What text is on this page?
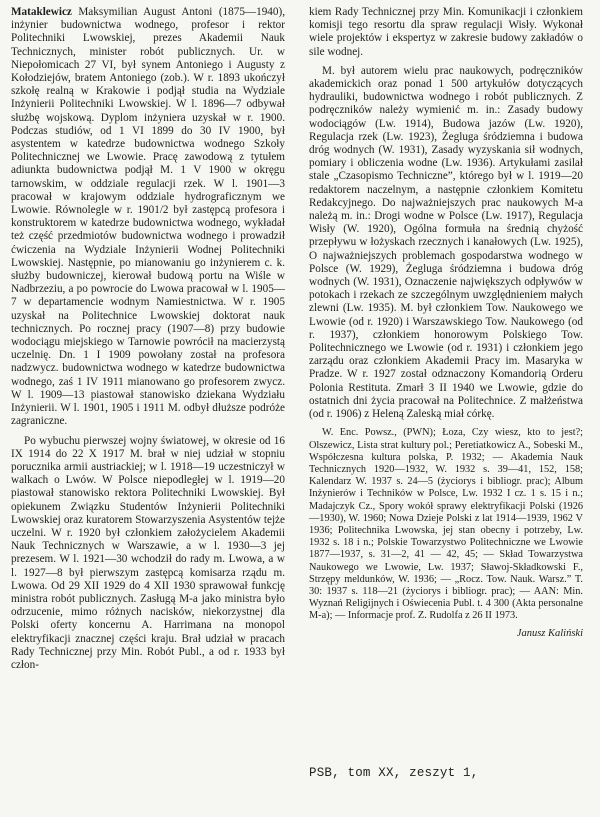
Mataklewicz Maksymilian August Antoni (1875—1940), inżynier budownictwa wodnego, profesor i rektor Politechniki Lwowskiej, prezes Akademii Nauk Technicznych, minister robót publicznych. Ur. w Niepołomicach 27 VI, był synem Antoniego i Augusty z Kołodziejów, bratem Antoniego (zob.). W r. 1893 ukończył szkołę realną w Krakowie i podjął studia na Wydziale Inżynierii Politechniki Lwowskiej. W l. 1896—7 odbywał służbę wojskową. Dyplom inżyniera uzyskał w r. 1900. Podczas studiów, od 1 VI 1899 do 30 IV 1900, był asystentem w katedrze budownictwa wodnego Szkoły Politechnicznej we Lwowie. Pracę zawodową z tytułem adiunkta budownictwa podjął M. 1 V 1900 w okręgu tarnowskim, w oddziale regulacji rzek. W l. 1901—3 pracował w krajowym oddziale hydrograficznym we Lwowie. Równolegle w r. 1901/2 był zastępcą profesora i konstruktorem w katedrze budownictwa wodnego, wykładał też część przedmiotów budownictwa wodnego i prowadził ćwiczenia na Wydziale Inżynierii Wodnej Politechniki Lwowskiej. Następnie, po mianowaniu go inżynierem c. k. służby budowniczej, kierował budową portu na Wiśle w Nadbrzeziu, a po powrocie do Lwowa pracował w l. 1905—7 w departamencie wodnym Namiestnictwa. W r. 1905 uzyskał na Politechnice Lwowskiej doktorat nauk technicznych. Po rocznej pracy (1907—8) przy budowie wodociągu miejskiego w Tarnowie powrócił na macierzystą uczelnię. Dn. 1 I 1909 powołany został na profesora nadzwycz. budownictwa wodnego w katedrze budownictwa wodnego, zaś 1 IV 1911 mianowano go profesorem zwycz. W l. 1909—13 piastował stanowisko dziekana Wydziału Inżynierii. W l. 1901, 1905 i 1911 M. odbył dłuższe podróże zagraniczne.

Po wybuchu pierwszej wojny światowej, w okresie od 16 IX 1914 do 22 X 1917 M. brał w niej udział w stopniu porucznika armii austriackiej; w l. 1918—19 uczestniczył w walkach o Lwów. W Polsce niepodległej w l. 1919—20 piastował stanowisko rektora Politechniki Lwowskiej. Był opiekunem Związku Studentów Inżynierii Politechniki Lwowskiej oraz kuratorem Stowarzyszenia Asystentów tejże uczelni. W r. 1920 był członkiem założycielem Akademii Nauk Technicznych w Warszawie, a w l. 1930—3 jej prezesem. W l. 1921—30 wchodził do rady m. Lwowa, a w l. 1927—8 był pierwszym zastępcą komisarza rządu m. Lwowa. Od 29 XII 1929 do 4 XII 1930 sprawował funkcję ministra robót publicznych. Zasługą M-a jako ministra było odrzucenie, mimo różnych nacisków, niekorzystnej dla Polski oferty koncernu A. Harrimana na monopol elektryfikacji znacznej części kraju. Brał udział w pracach Rady Technicznej przy Min. Robót Publ., a od r. 1933 był człon-

kiem Rady Technicznej przy Min. Komunikacji i członkiem komisji tego resortu dla spraw regulacji Wisły. Wykonał wiele projektów i ekspertyz w zakresie budowy zakładów o sile wodnej.

M. był autorem wielu prac naukowych, podręczników akademickich oraz ponad 1 500 artykułów dotyczących hydrauliki, budownictwa wodnego i robót publicznych. Z podręczników należy wymienić m. in.: Zasady budowy wodociągów (Lw. 1914), Budowa jazów (Lw. 1920), Regulacja rzek (Lw. 1923), Żegluga śródziemna i budowa dróg wodnych (W. 1931), Zasady wyzyskania sił wodnych, pomiary i obliczenia wodne (Lw. 1936). Artykułami zasilał stale „Czasopismo Techniczne”, którego był w l. 1919—20 redaktorem naczelnym, a następnie członkiem Komitetu Redakcyjnego. Do najważniejszych prac naukowych M-a należą m. in.: Drogi wodne w Polsce (Lw. 1917), Regulacja Wisły (W. 1920), Ogólna formuła na średnią chyżość przepływu w łożyskach rzecznych i kanałowych (Lw. 1925), O najważniejszych problemach gospodarstwa wodnego w Polsce (W. 1929), Żegluga śródziemna i budowa dróg wodnych (W. 1931), Oznaczenie największych odpływów w potokach i rzekach ze szczególnym uwzględnieniem małych zlewni (Lw. 1935). M. był członkiem Tow. Naukowego we Lwowie (od r. 1920) i Warszawskiego Tow. Naukowego (od r. 1937), członkiem honorowym Polskiego Tow. Politechnicznego we Lwowie (od r. 1931) i członkiem jego zarządu oraz członkiem Akademii Pracy im. Masaryka w Pradze. W r. 1927 został odznaczony Komandorią Orderu Polonia Restituta. Zmarł 3 II 1940 we Lwowie, gdzie do ostatnich dni życia pracował na Politechnice. Z małżeństwa (od r. 1906) z Heleną Zaleską miał córkę.

W. Enc. Powsz., (PWN); Łoza, Czy wiesz, kto to jest?; Olszewicz, Lista strat kultury pol.; Peretiatkowicz A., Sobeski M., Współczesna kultura polska, P. 1932; — Akademia Nauk Technicznych 1920—1932, W. 1932 s. 39—41, 152, 158; Kalendarz W. 1937 s. 24—5 (życiorys i bibliogr. prac); Album Inżynierów i Techników w Polsce, Lw. 1932 I cz. 1 s. 15 i n.; Madajczyk Cz., Spory wokół sprawy elektryfikacji Polski (1926—1930), W. 1960; Nowa Dzieje Polski z lat 1914—1939, 1962 V 1936; Politechnika Lwowska, jej stan obecny i potrzeby, Lw. 1932 s. 18 i n.; Polskie Towarzystwo Politechniczne we Lwowie 1877—1937, s. 31—2, 41 — 42, 45; — Skład Towarzystwa Naukowego we Lwowie, Lw. 1937; Sławoj-Składkowski F., Strzępy meldunków, W. 1936; — „Rocz. Tow. Nauk. Warsz.” T. 30: 1937 s. 118—21 (życiorys i bibliogr. prac); — AAN: Min. Wyznań Religijnych i Oświecenia Publ. t. 4 300 (Akta personalne M-a); — Informacje prof. Z. Rudolfa z 26 II 1973.

Janusz Kaliński
PSB, tom XX, zeszyt 1,
